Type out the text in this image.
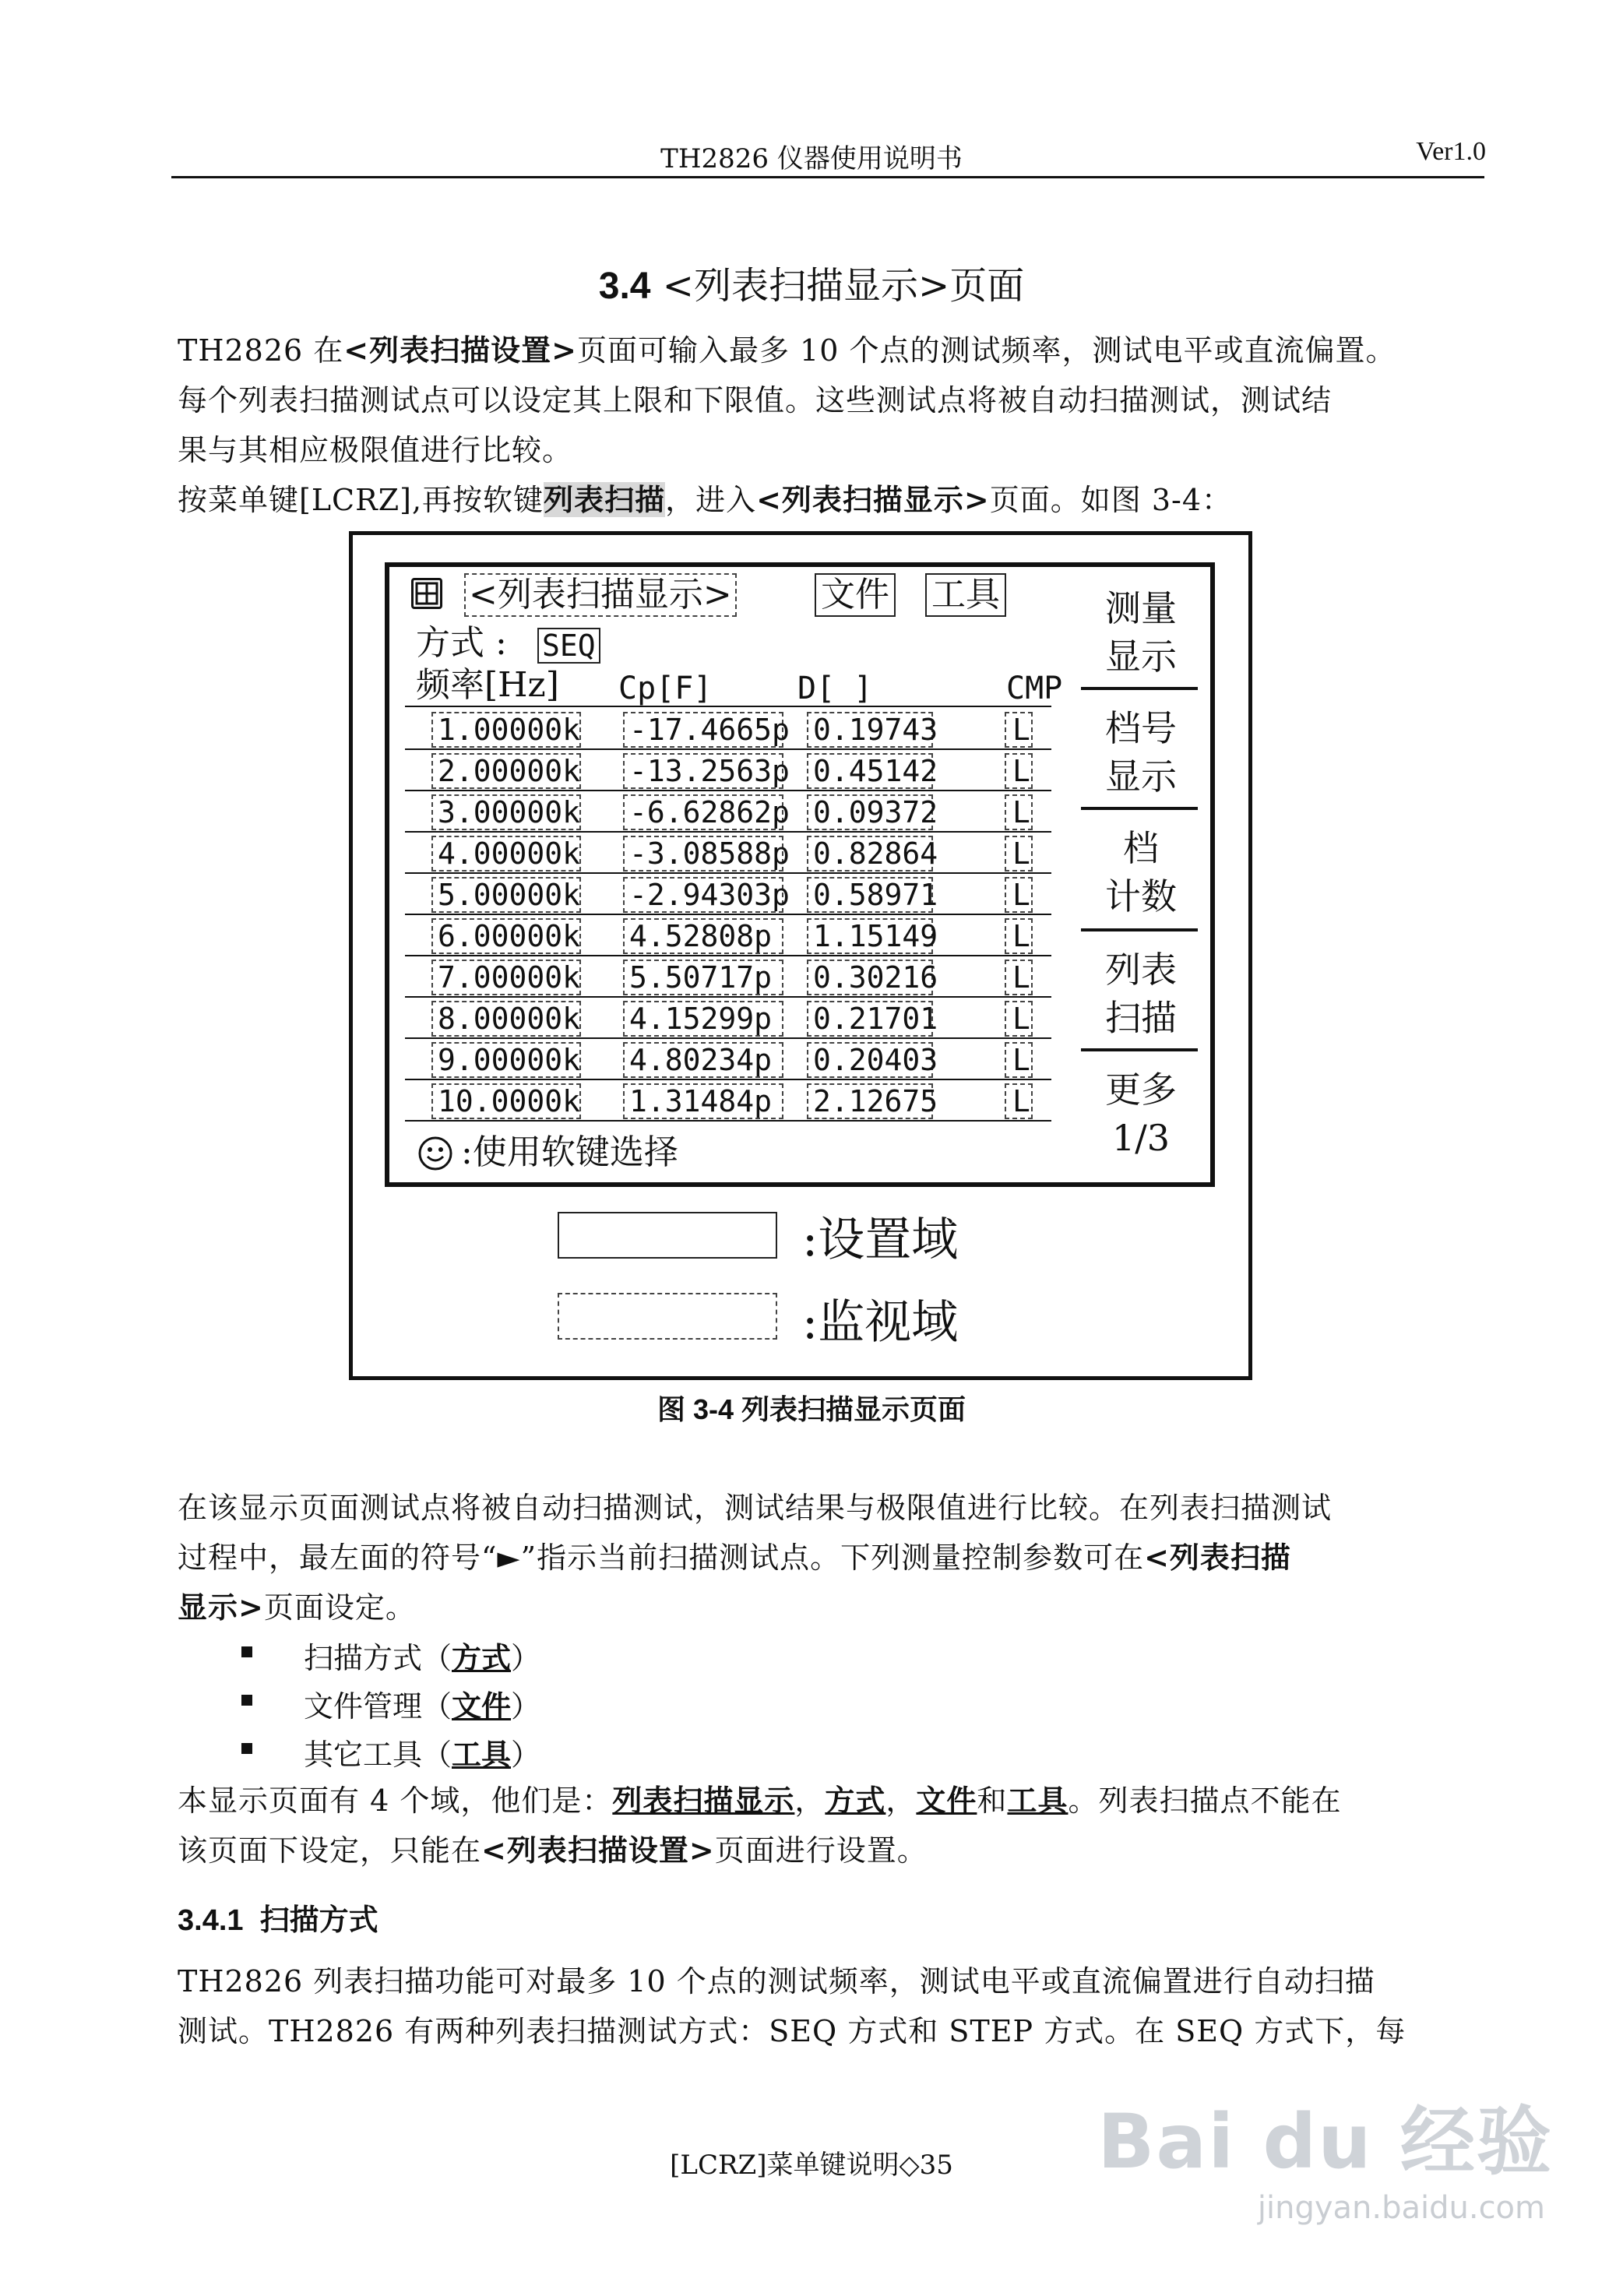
TH2826 仪器使用说明书	Ver1.0
3.4 <列表扫描显示>页面
TH2826 在<列表扫描设置>页面可输入最多 10 个点的测试频率，测试电平或直流偏置。
每个列表扫描测试点可以设定其上限和下限值。这些测试点将被自动扫描测试，测试结
果与其相应极限值进行比较。
按菜单键[LCRZ],再按软键列表扫描，进入<列表扫描显示>页面。如图 3-4：
<列表扫描显示>	文件 工具
方式 : SEQ
频率[Hz] Cp[F]	D[ ]	CMP
1.00000k -17.4665p 0.19743	L
2.00000k -13.2563p 0.45142	L
3.00000k -6.62862p 0.09372	L
4.00000k -3.08588p 0.82864	L
5.00000k -2.94303p 0.58971	L
6.00000k 4.52808p	1.15149	L
7.00000k 5.50717p	0.30216	L
8.00000k 4.15299p	0.21701	L
9.00000k 4.80234p	0.20403	L
10.0000k 1.31484p	2.12675	L
:使用软键选择
测量
显示
档号
显示
档
计数
列表
扫描
更多
1/3
:设置域
:监视域
图 3-4 列表扫描显示页面
在该显示页面测试点将被自动扫描测试，测试结果与极限值进行比较。在列表扫描测试
过程中，最左面的符号“►”指示当前扫描测试点。下列测量控制参数可在<列表扫描
显示>页面设定。
扫描方式（方式）
文件管理（文件）
其它工具（工具）
本显示页面有 4 个域，他们是：列表扫描显示，方式，文件和工具。列表扫描点不能在
该页面下设定，只能在<列表扫描设置>页面进行设置。
3.4.1 扫描方式
TH2826 列表扫描功能可对最多 10 个点的测试频率，测试电平或直流偏置进行自动扫描
测试。TH2826 有两种列表扫描测试方式：SEQ 方式和 STEP 方式。在 SEQ 方式下，每
[LCRZ]菜单键说明◇35	Bai du 经验
jingyan.baidu.com
